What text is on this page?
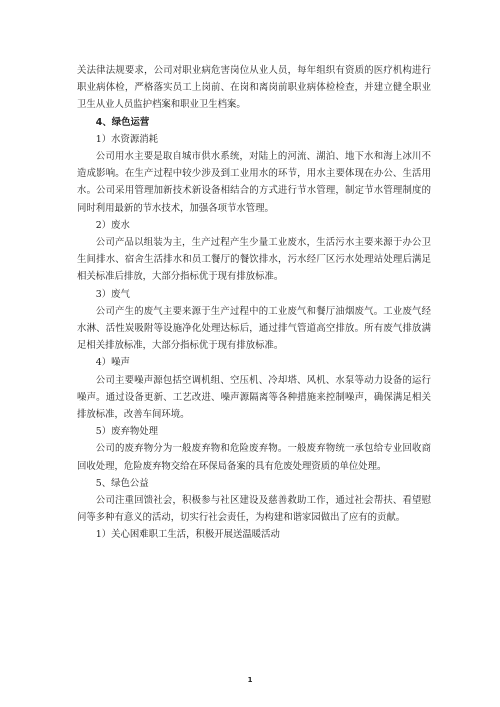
关法律法规要求，公司对职业病危害岗位从业人员，每年组织有资质的医疗机构进行职业病体检，严格落实员工上岗前、在岗和离岗前职业病体检检查，并建立健全职业卫生从业人员监护档案和职业卫生档案。

4、绿色运营

1）水资源消耗

公司用水主要是取自城市供水系统，对陆上的河流、湖泊、地下水和海上冰川不造成影响。在生产过程中较少涉及到工业用水的环节，用水主要体现在办公、生活用水。公司采用管理加新技术新设备相结合的方式进行节水管理，制定节水管理制度的同时利用最新的节水技术，加强各项节水管理。

2）废水

公司产品以组装为主，生产过程产生少量工业废水，生活污水主要来源于办公卫生间排水、宿舍生活排水和员工餐厅的餐饮排水，污水经厂区污水处理站处理后满足相关标准后排放，大部分指标优于现有排放标准。

3）废气

公司产生的废气主要来源于生产过程中的工业废气和餐厅油烟废气。工业废气经水淋、活性炭吸附等设施净化处理达标后，通过排气管道高空排放。所有废气排放满足相关排放标准，大部分指标优于现有排放标准。

4）噪声

公司主要噪声源包括空调机组、空压机、冷却塔、风机、水泵等动力设备的运行噪声。通过设备更新、工艺改进、噪声源隔离等各种措施来控制噪声，确保满足相关排放标准，改善车间环境。

5）废弃物处理

公司的废弃物分为一般废弃物和危险废弃物。一般废弃物统一承包给专业回收商回收处理，危险废弃物交给在环保局备案的具有危废处理资质的单位处理。

5、绿色公益

公司注重回馈社会，积极参与社区建设及慈善救助工作，通过社会帮扶、看望慰问等多种有意义的活动，切实行社会责任，为构建和谐家园做出了应有的贡献。

1）关心困难职工生活，积极开展送温暖活动

1
